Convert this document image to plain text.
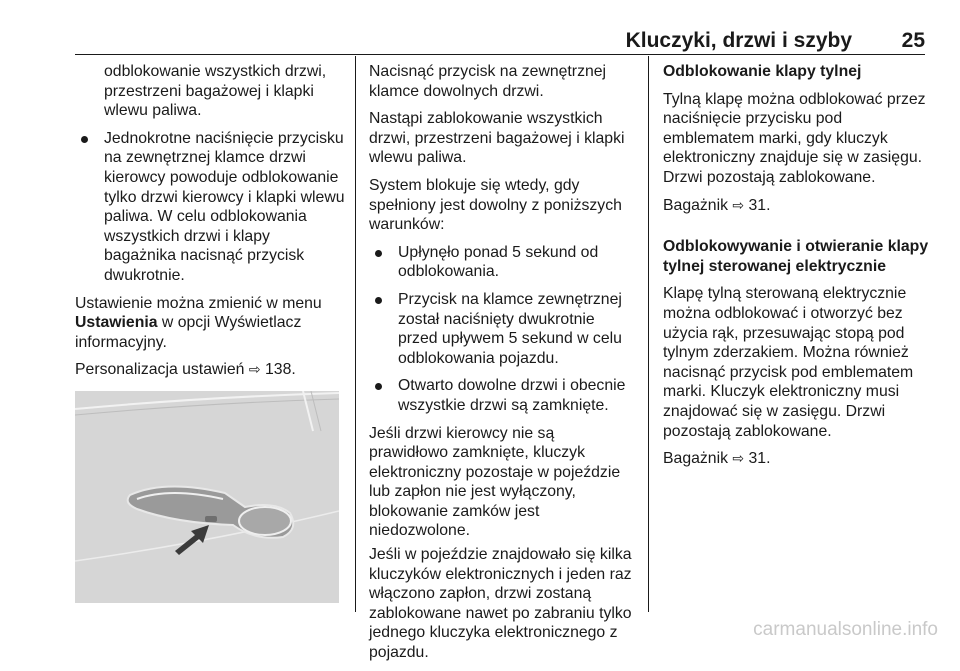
Kluczyki, drzwi i szyby 25

odblokowanie wszystkich drzwi, przestrzeni bagażowej i klapki wlewu paliwa.

Jednokrotne naciśnięcie przycisku na zewnętrznej klamce drzwi kierowcy powoduje odblokowanie tylko drzwi kierowcy i klapki wlewu paliwa. W celu odblokowania wszystkich drzwi i klapy bagażnika nacisnąć przycisk dwukrotnie.

Ustawienie można zmienić w menu Ustawienia w opcji Wyświetlacz informacyjny.

Personalizacja ustawień ⇨ 138.

Nacisnąć przycisk na zewnętrznej klamce dowolnych drzwi.

Nastąpi zablokowanie wszystkich drzwi, przestrzeni bagażowej i klapki wlewu paliwa.

System blokuje się wtedy, gdy spełniony jest dowolny z poniższych warunków:

Upłynęło ponad 5 sekund od odblokowania.
Przycisk na klamce zewnętrznej został naciśnięty dwukrotnie przed upływem 5 sekund w celu odblokowania pojazdu.
Otwarto dowolne drzwi i obecnie wszystkie drzwi są zamknięte.

Jeśli drzwi kierowcy nie są prawidłowo zamknięte, kluczyk elektroniczny pozostaje w pojeździe lub zapłon nie jest wyłączony, blokowanie zamków jest niedozwolone.

Jeśli w pojeździe znajdowało się kilka kluczyków elektronicznych i jeden raz włączono zapłon, drzwi zostaną zablokowane nawet po zabraniu tylko jednego kluczyka elektronicznego z pojazdu.

Odblokowanie klapy tylnej

Tylną klapę można odblokować przez naciśnięcie przycisku pod emblematem marki, gdy kluczyk elektroniczny znajduje się w zasięgu. Drzwi pozostają zablokowane.

Bagażnik ⇨ 31.

Odblokowywanie i otwieranie klapy tylnej sterowanej elektrycznie

Klapę tylną sterowaną elektrycznie można odblokować i otworzyć bez użycia rąk, przesuwając stopą pod tylnym zderzakiem. Można również nacisnąć przycisk pod emblematem marki. Kluczyk elektroniczny musi znajdować się w zasięgu. Drzwi pozostają zablokowane.

Bagażnik ⇨ 31.

carmanualsonline.info
